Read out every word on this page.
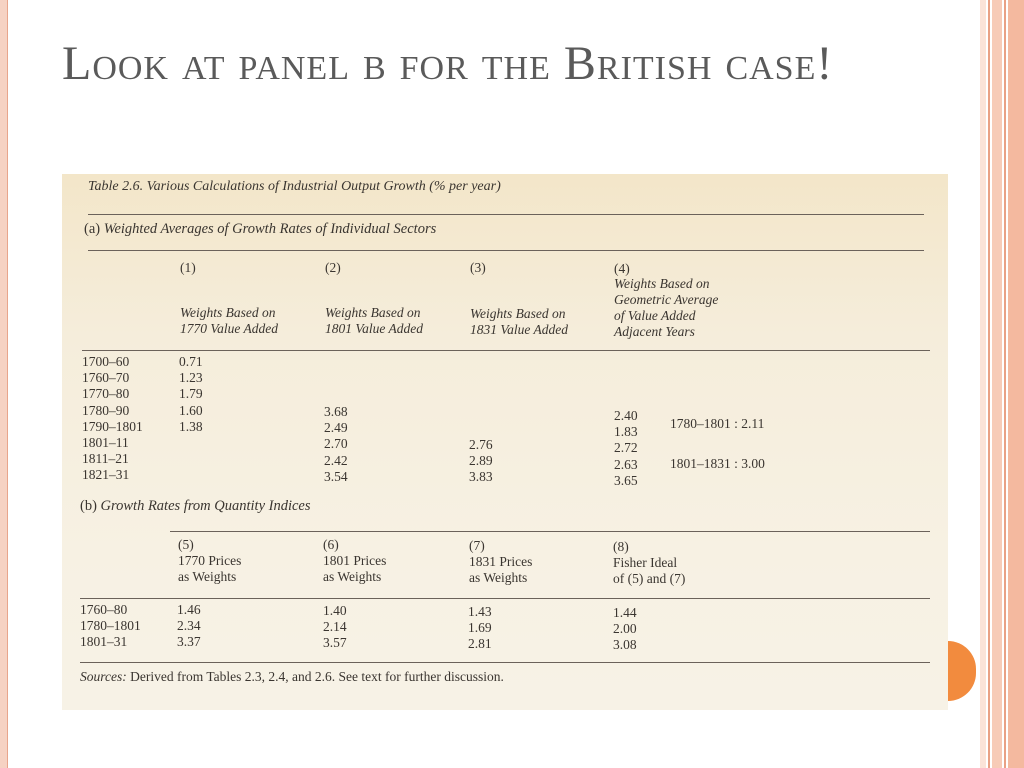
Look at panel b for the British case!
Table 2.6. Various Calculations of Industrial Output Growth (% per year)
(a) Weighted Averages of Growth Rates of Individual Sectors
(1)
Weights Based on
1770 Value Added
(2)
Weights Based on
1801 Value Added
(3)
Weights Based on
1831 Value Added
(4)
Weights Based on
Geometric Average
of Value Added
Adjacent Years
1700–60
1760–70
1770–80
1780–90
1790–1801
1801–11
1811–21
1821–31
0.71
1.23
1.79
1.60
1.38
3.68
2.49
2.70
2.42
3.54
2.76
2.89
3.83
2.40
1.83
2.72
2.63
3.65
1780–1801 : 2.11
1801–1831 : 3.00
(b) Growth Rates from Quantity Indices
(5)
1770 Prices
as Weights
(6)
1801 Prices
as Weights
(7)
1831 Prices
as Weights
(8)
Fisher Ideal
of (5) and (7)
1760–80
1780–1801
1801–31
1.46
2.34
3.37
1.40
2.14
3.57
1.43
1.69
2.81
1.44
2.00
3.08
Sources: Derived from Tables 2.3, 2.4, and 2.6. See text for further discussion.
